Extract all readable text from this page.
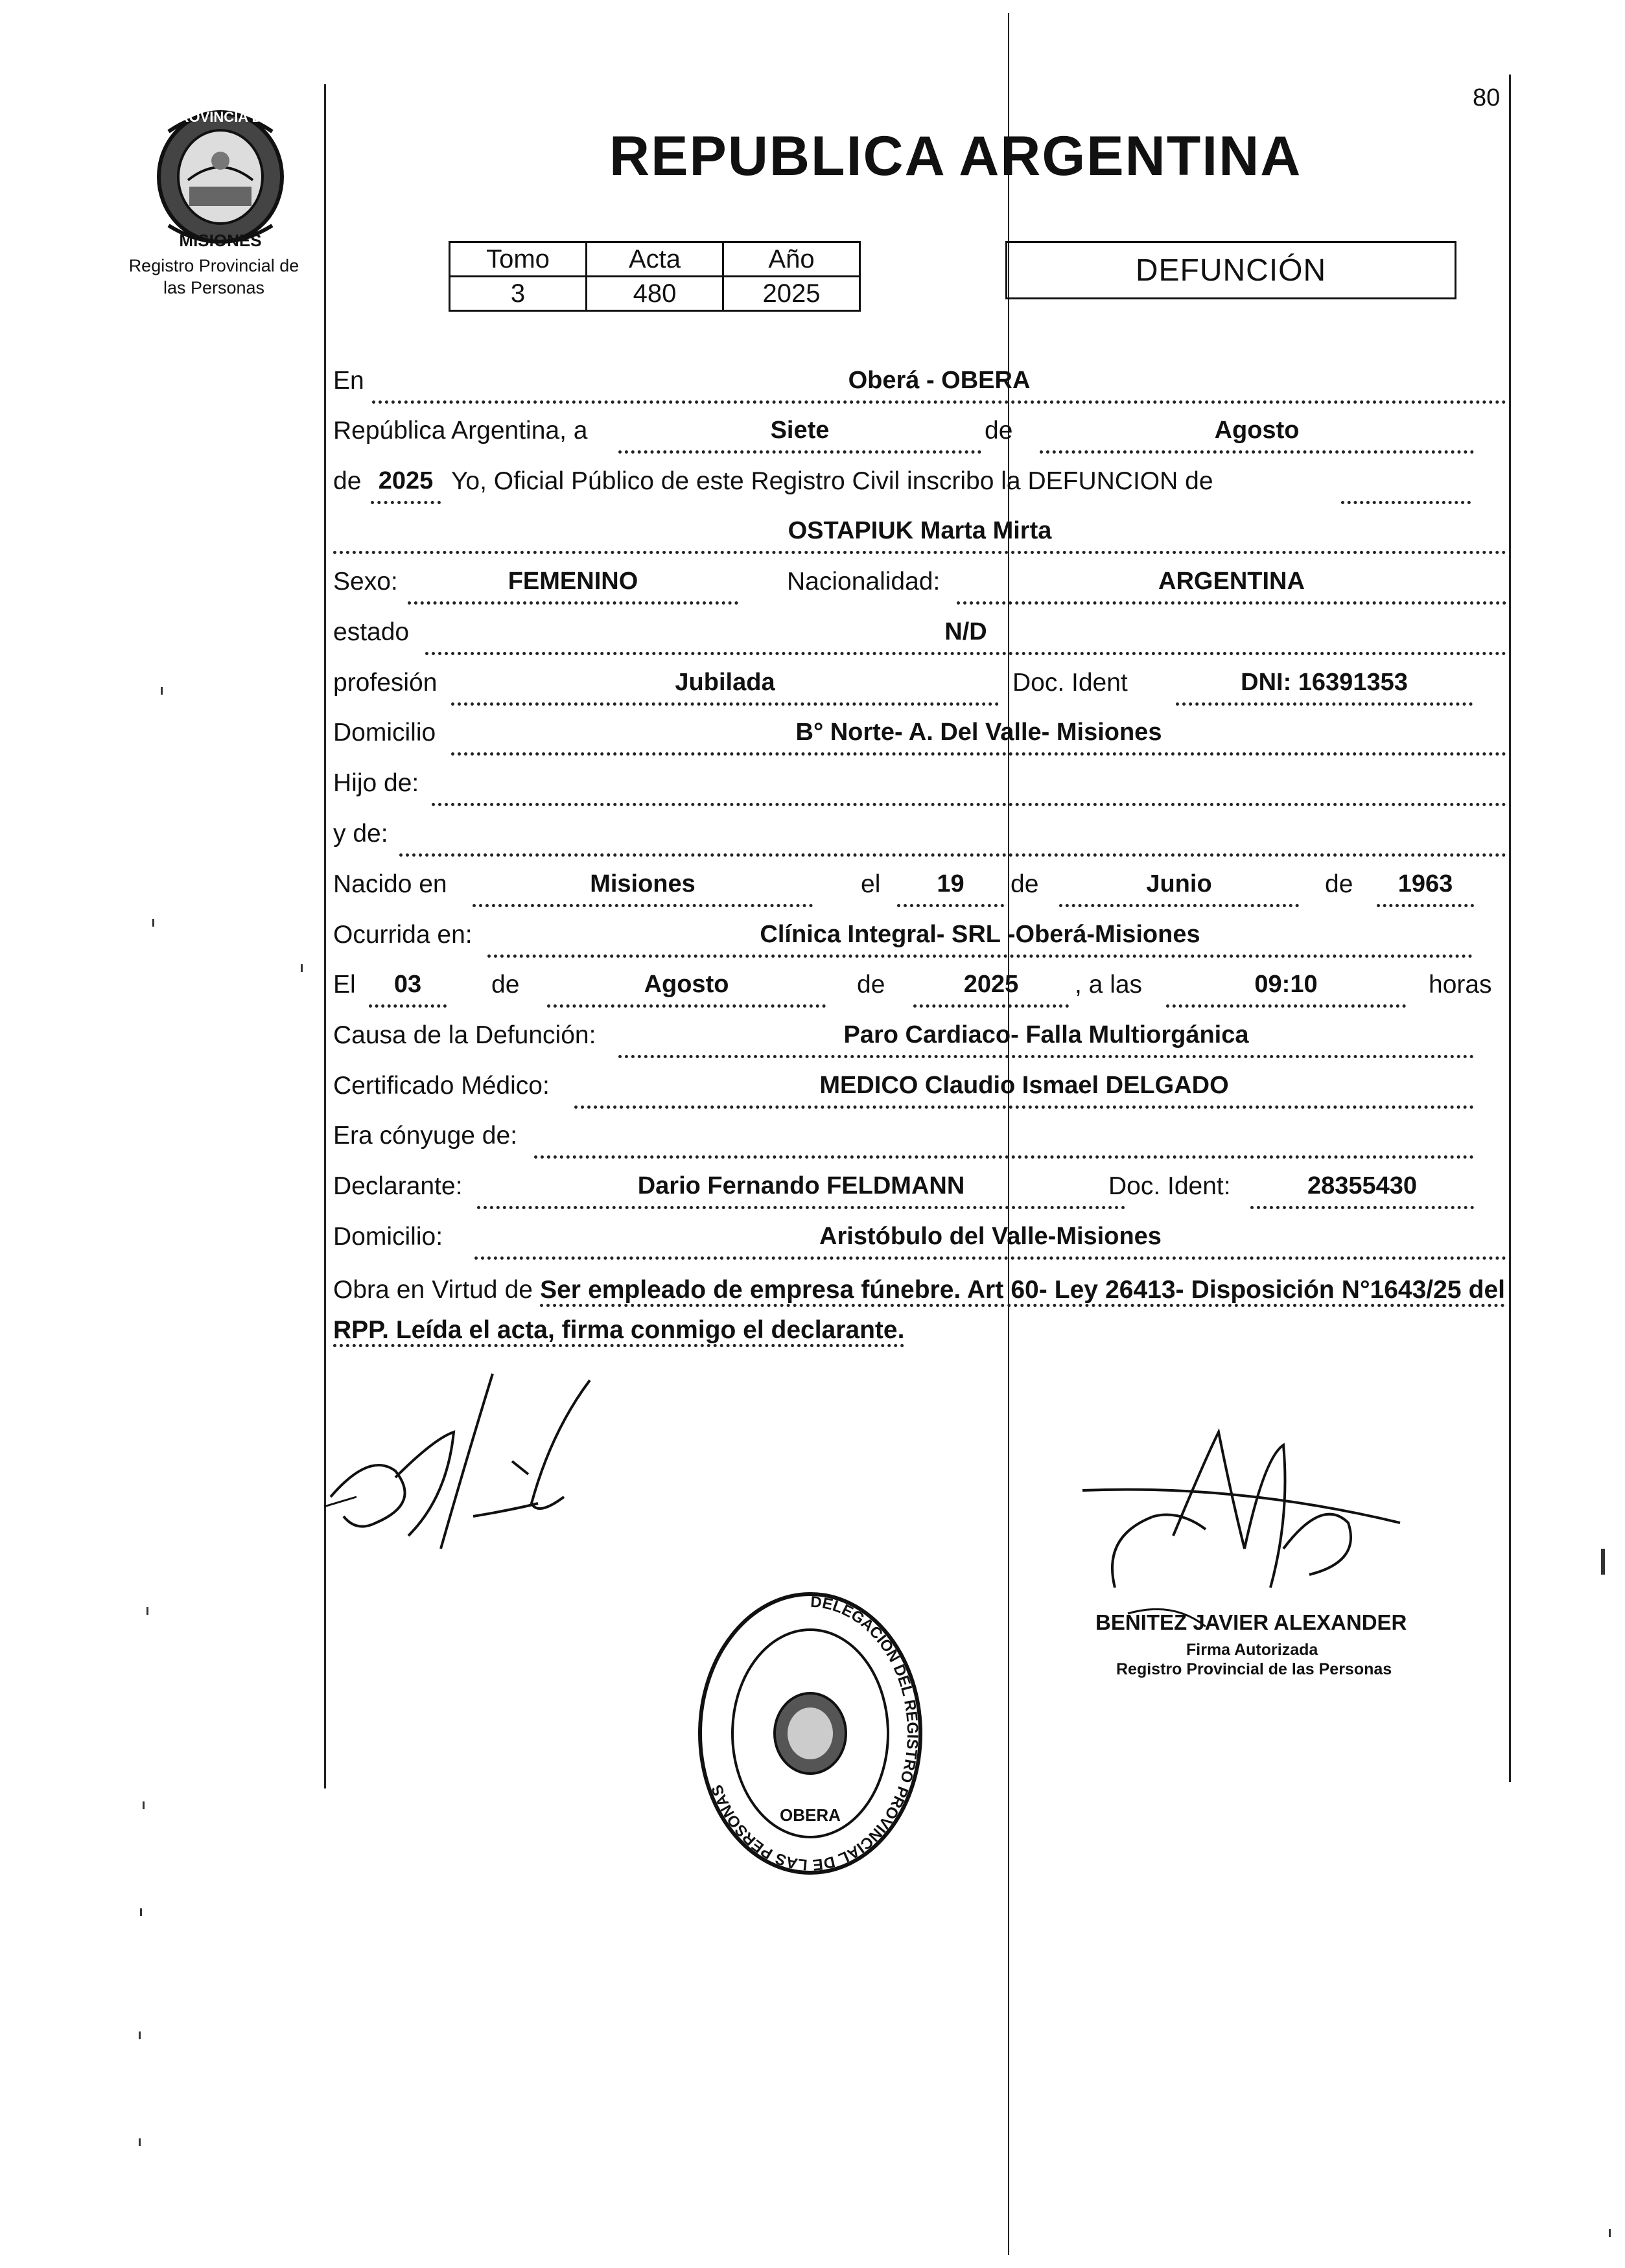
80
PROVINCIA DE
MISIONES
Registro Provincial de
las Personas
REPUBLICA ARGENTINA
Tomo	Acta	Año
3	480	2025
DEFUNCIÓN
En	Oberá - OBERA
República Argentina, a	Siete	de	Agosto
de 2025 Yo, Oficial Público de este Registro Civil inscribo la DEFUNCION de
OSTAPIUK Marta Mirta
Sexo:	FEMENINO	Nacionalidad:	ARGENTINA
estado	N/D
profesión	Jubilada	Doc. Ident	DNI: 16391353
Domicilio	B° Norte- A. Del Valle- Misiones
Hijo de:
y de:
Nacido en	Misiones	el	19	de	Junio	de	1963
Ocurrida en:	Clínica Integral- SRL -Oberá-Misiones
El	03	de	Agosto	de	2025	, a las	09:10	horas
Causa de la Defunción:	Paro Cardiaco- Falla Multiorgánica
Certificado Médico:	MEDICO Claudio Ismael DELGADO
Era cónyuge de:
Declarante:	Dario Fernando FELDMANN	Doc. Ident:	28355430
Domicilio:	Aristóbulo del Valle-Misiones
Obra en Virtud de Ser empleado de empresa fúnebre. Art 60- Ley 26413- Disposición N°1643/25 del RPP. Leída el acta, firma conmigo el declarante.
DELEGACION DEL REGISTRO PROVINCIAL DE LAS PERSONAS
OBERA
BENITEZ JAVIER ALEXANDER
Firma Autorizada
Registro Provincial de las Personas
